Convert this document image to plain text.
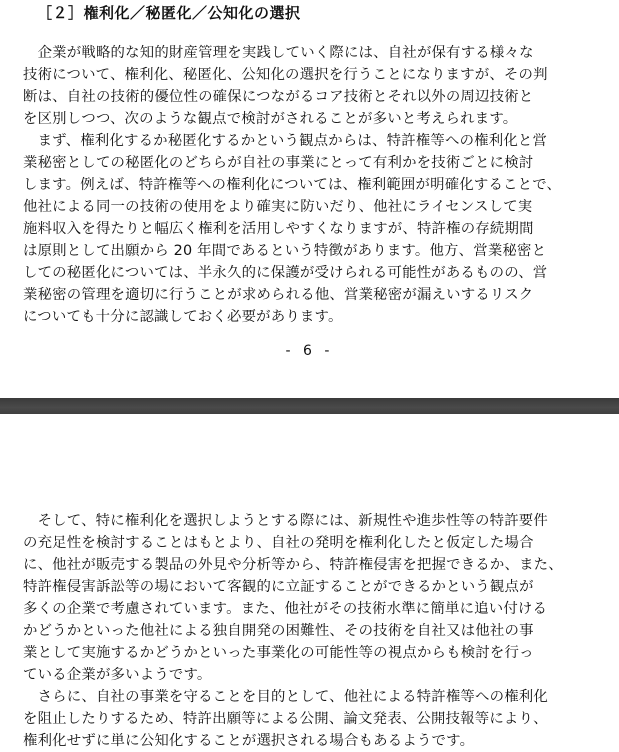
［２］権利化／秘匿化／公知化の選択
　企業が戦略的な知的財産管理を実践していく際には、自社が保有する様々な
技術について、権利化、秘匿化、公知化の選択を行うことになりますが、その判
断は、自社の技術的優位性の確保につながるコア技術とそれ以外の周辺技術と
を区別しつつ、次のような観点で検討がされることが多いと考えられます。
　まず、権利化するか秘匿化するかという観点からは、特許権等への権利化と営
業秘密としての秘匿化のどちらが自社の事業にとって有利かを技術ごとに検討
します。例えば、特許権等への権利化については、権利範囲が明確化することで、
他社による同一の技術の使用をより確実に防いだり、他社にライセンスして実
施料収入を得たりと幅広く権利を活用しやすくなりますが、特許権の存続期間
は原則として出願から 20 年間であるという特徴があります。他方、営業秘密と
しての秘匿化については、半永久的に保護が受けられる可能性があるものの、営
業秘密の管理を適切に行うことが求められる他、営業秘密が漏えいするリスク
についても十分に認識しておく必要があります。
- 6 -
　そして、特に権利化を選択しようとする際には、新規性や進歩性等の特許要件
の充足性を検討することはもとより、自社の発明を権利化したと仮定した場合
に、他社が販売する製品の外見や分析等から、特許権侵害を把握できるか、また、
特許権侵害訴訟等の場において客観的に立証することができるかという観点が
多くの企業で考慮されています。また、他社がその技術水準に簡単に追い付ける
かどうかといった他社による独自開発の困難性、その技術を自社又は他社の事
業として実施するかどうかといった事業化の可能性等の視点からも検討を行っ
ている企業が多いようです。
　さらに、自社の事業を守ることを目的として、他社による特許権等への権利化
を阻止したりするため、特許出願等による公開、論文発表、公開技報等により、
権利化せずに単に公知化することが選択される場合もあるようです。
